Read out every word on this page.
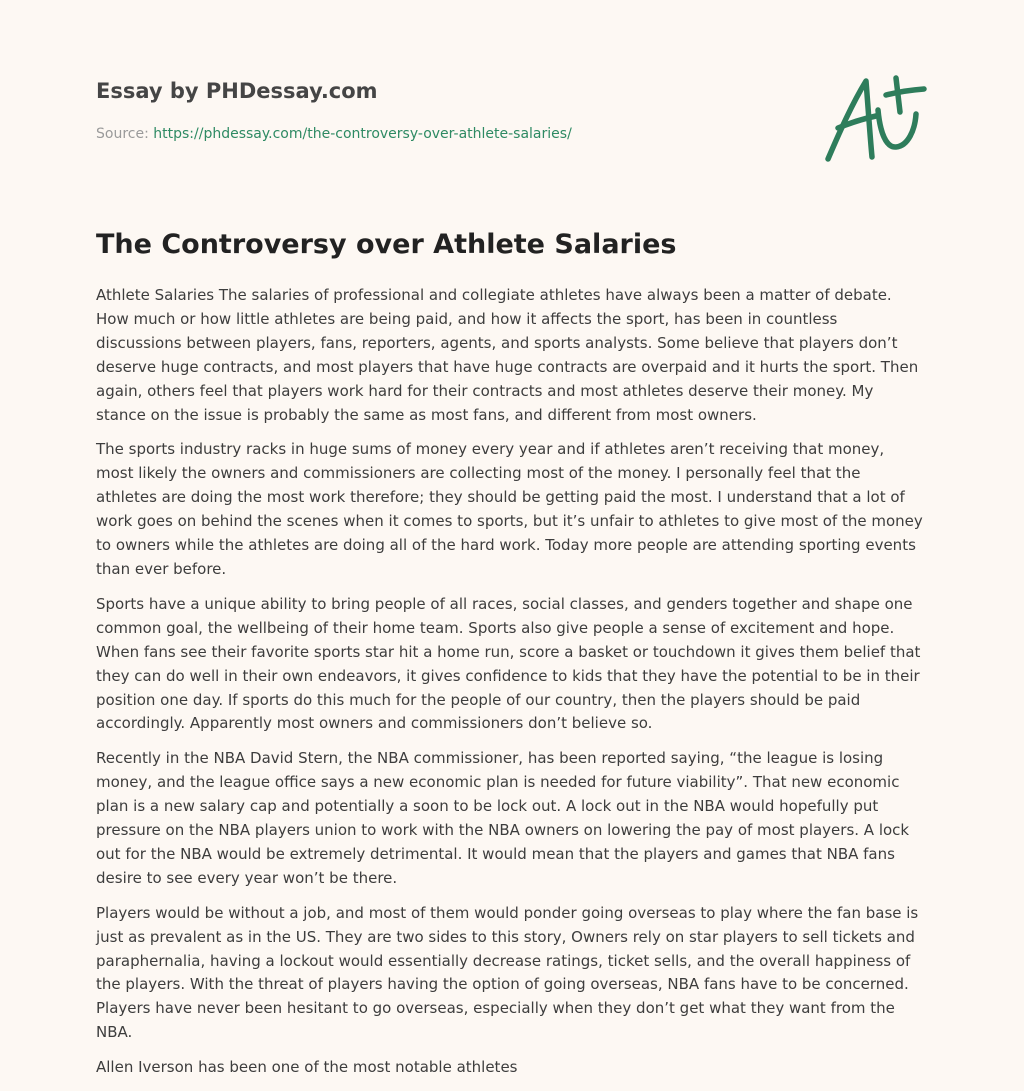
Essay by PHDessay.com
Source: https://phdessay.com/the-controversy-over-athlete-salaries/
The Controversy over Athlete Salaries

Athlete Salaries The salaries of professional and collegiate athletes have always been a matter of debate. How much or how little athletes are being paid, and how it affects the sport, has been in countless discussions between players, fans, reporters, agents, and sports analysts. Some believe that players don’t deserve huge contracts, and most players that have huge contracts are overpaid and it hurts the sport. Then again, others feel that players work hard for their contracts and most athletes deserve their money. My stance on the issue is probably the same as most fans, and different from most owners.

The sports industry racks in huge sums of money every year and if athletes aren’t receiving that money, most likely the owners and commissioners are collecting most of the money. I personally feel that the athletes are doing the most work therefore; they should be getting paid the most. I understand that a lot of work goes on behind the scenes when it comes to sports, but it’s unfair to athletes to give most of the money to owners while the athletes are doing all of the hard work. Today more people are attending sporting events than ever before.

Sports have a unique ability to bring people of all races, social classes, and genders together and shape one common goal, the wellbeing of their home team. Sports also give people a sense of excitement and hope. When fans see their favorite sports star hit a home run, score a basket or touchdown it gives them belief that they can do well in their own endeavors, it gives confidence to kids that they have the potential to be in their position one day. If sports do this much for the people of our country, then the players should be paid accordingly. Apparently most owners and commissioners don’t believe so.

Recently in the NBA David Stern, the NBA commissioner, has been reported saying, “the league is losing money, and the league office says a new economic plan is needed for future viability”. That new economic plan is a new salary cap and potentially a soon to be lock out. A lock out in the NBA would hopefully put pressure on the NBA players union to work with the NBA owners on lowering the pay of most players. A lock out for the NBA would be extremely detrimental. It would mean that the players and games that NBA fans desire to see every year won’t be there.

Players would be without a job, and most of them would ponder going overseas to play where the fan base is just as prevalent as in the US. They are two sides to this story, Owners rely on star players to sell tickets and paraphernalia, having a lockout would essentially decrease ratings, ticket sells, and the overall happiness of the players. With the threat of players having the option of going overseas, NBA fans have to be concerned. Players have never been hesitant to go overseas, especially when they don’t get what they want from the NBA.

Allen Iverson has been one of the most notable athletes
